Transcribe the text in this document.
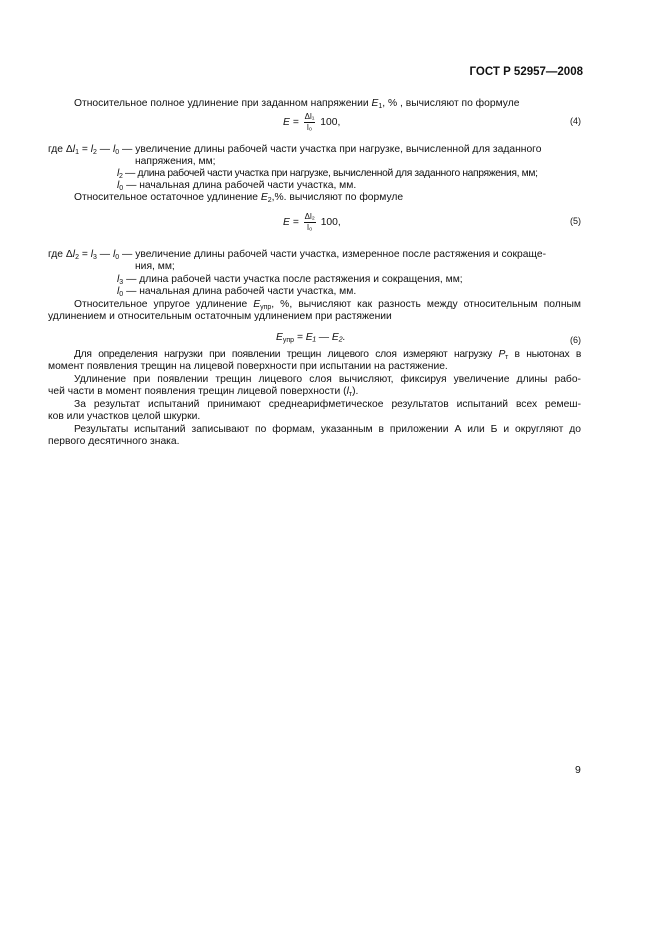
ГОСТ Р 52957—2008
Относительное полное удлинение при заданном напряжении $E_1$, % , вычисляют по формуле
$E = \frac{\text{Δl₁}}{\text{l₀}} 100$,	(4)
где $\Delta l_1 = l_2$ — $l_0$ — увеличение длины рабочей части участка при нагрузке, вычисленной для заданного
напряжения, мм;
$l_2$ — длина рабочей части участка при нагрузке, вычисленной для заданного напряжения, мм;
$l_0$ — начальная длина рабочей части участка, мм.
Относительное остаточное удлинение $E_2,\%$. вычисляют по формуле
$E = \frac{\text{Δl₂}}{\text{l₀}} 100$,	(5)
где $\Delta l_2 = l_3$ — $l_0$ — увеличение длины рабочей части участка, измеренное после растяжения и сокраще-
ния, мм;
$l_3$ — длина рабочей части участка после растяжения и сокращения, мм;
$l_0$ — начальная длина рабочей части участка, мм.
Относительное упругое удлинение $E_{упр}$, %, вычисляют как разность между относительным полным
удлинением и относительным остаточным удлинением при растяжении
$E_{упр} = E_1$ — E₂.	(6)
Для определения нагрузки при появлении трещин лицевого слоя измеряют нагрузку $P_т$ в ньютонах в
момент появления трещин на лицевой поверхности при испытании на растяжение.
Удлинение при появлении трещин лицевого слоя вычисляют, фиксируя увеличение длины рабо-
чей части в момент появления трещин лицевой поверхности $(l_т)$.
За результат испытаний принимают среднеарифметическое результатов испытаний всех ремеш-
ков или участков целой шкурки.
Результаты испытаний записывают по формам, указанным в приложении А или Б и округляют до
первого десятичного знака.
9
